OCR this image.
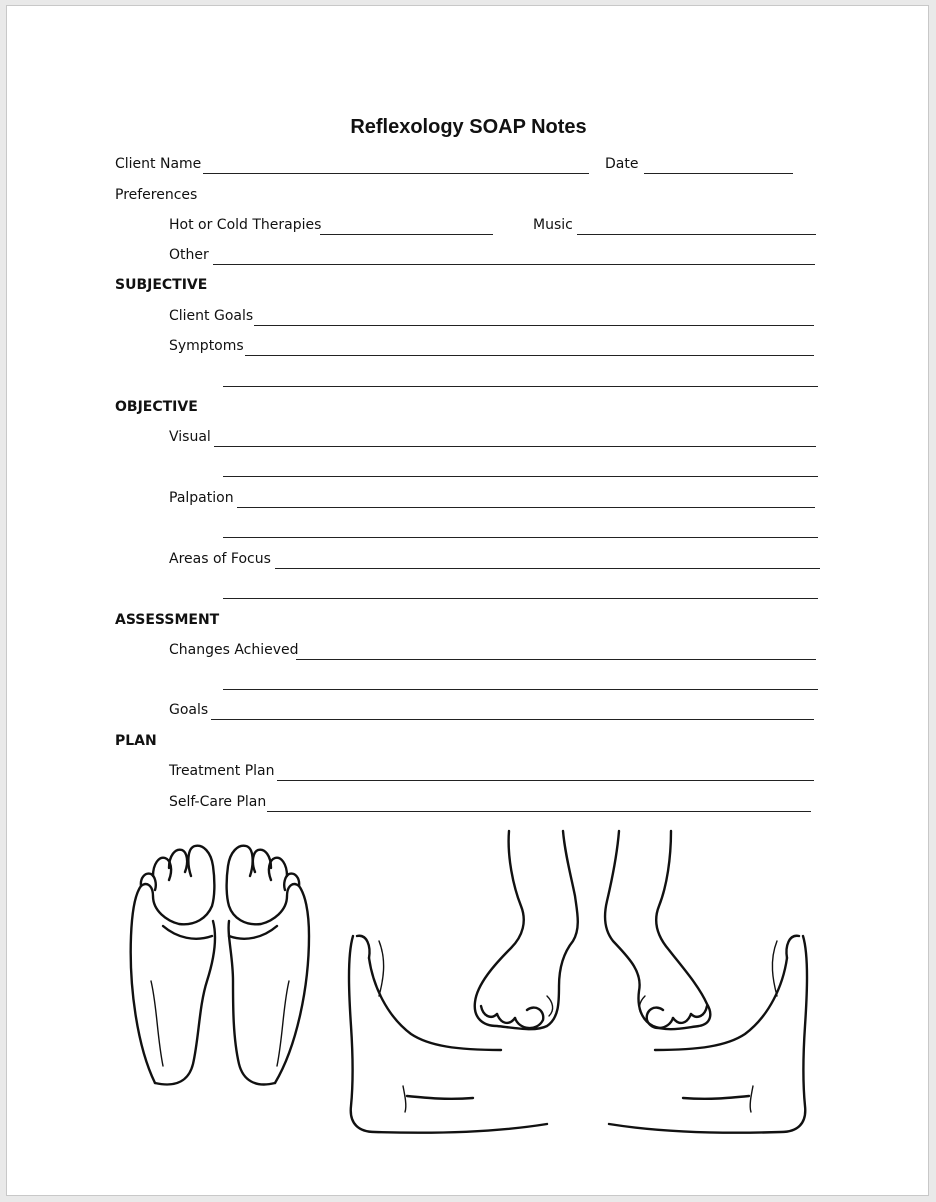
Reflexology SOAP Notes
Client Name	Date
Preferences
Hot or Cold Therapies	Music
Other
SUBJECTIVE
Client Goals
Symptoms
OBJECTIVE
Visual
Palpation
Areas of Focus
ASSESSMENT
Changes Achieved
Goals
PLAN
Treatment Plan
Self-Care Plan
